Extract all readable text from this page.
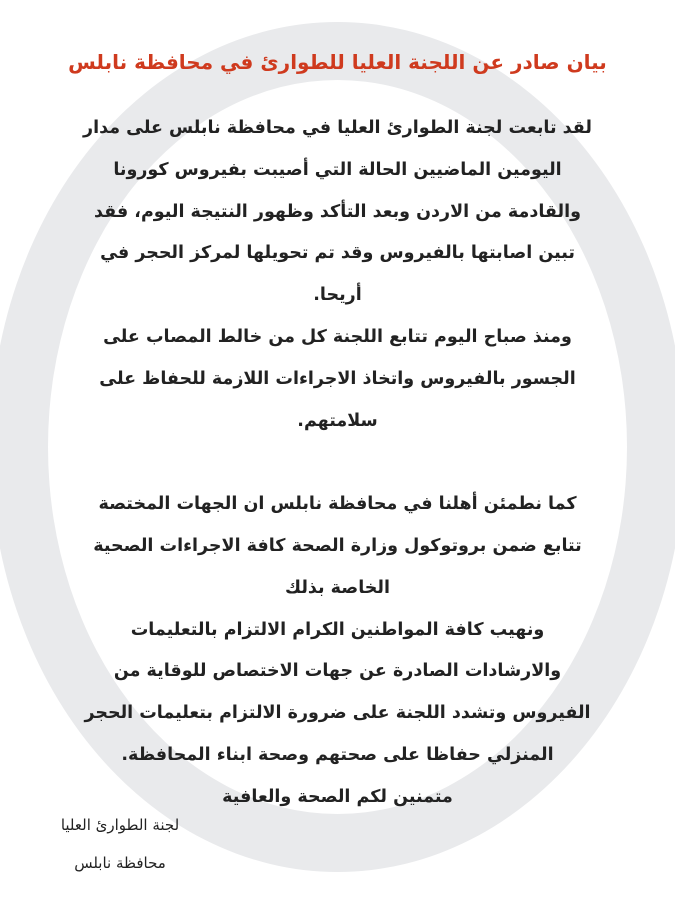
بيان صادر عن اللجنة العليا للطوارئ في محافظة نابلس
لقد تابعت لجنة الطوارئ العليا في محافظة نابلس على مدار
اليومين الماضيين الحالة التي أصيبت بفيروس كورونا
والقادمة من الاردن وبعد التأكد وظهور النتيجة اليوم، فقد
تبين اصابتها بالفيروس وقد تم تحويلها لمركز الحجر في
أريحا.
ومنذ صباح اليوم تتابع اللجنة كل من خالط المصاب على
الجسور بالفيروس واتخاذ الاجراءات اللازمة للحفاظ على
سلامتهم.
كما نطمئن أهلنا في محافظة نابلس ان الجهات المختصة
تتابع ضمن بروتوكول وزارة الصحة كافة الاجراءات الصحية
الخاصة بذلك
ونهيب كافة المواطنين الكرام الالتزام بالتعليمات
والارشادات الصادرة عن جهات الاختصاص للوقاية من
الفيروس وتشدد اللجنة على ضرورة الالتزام بتعليمات الحجر
المنزلي حفاظا على صحتهم وصحة ابناء المحافظة.
متمنين لكم الصحة والعافية
لجنة الطوارئ العليا
محافظة نابلس
